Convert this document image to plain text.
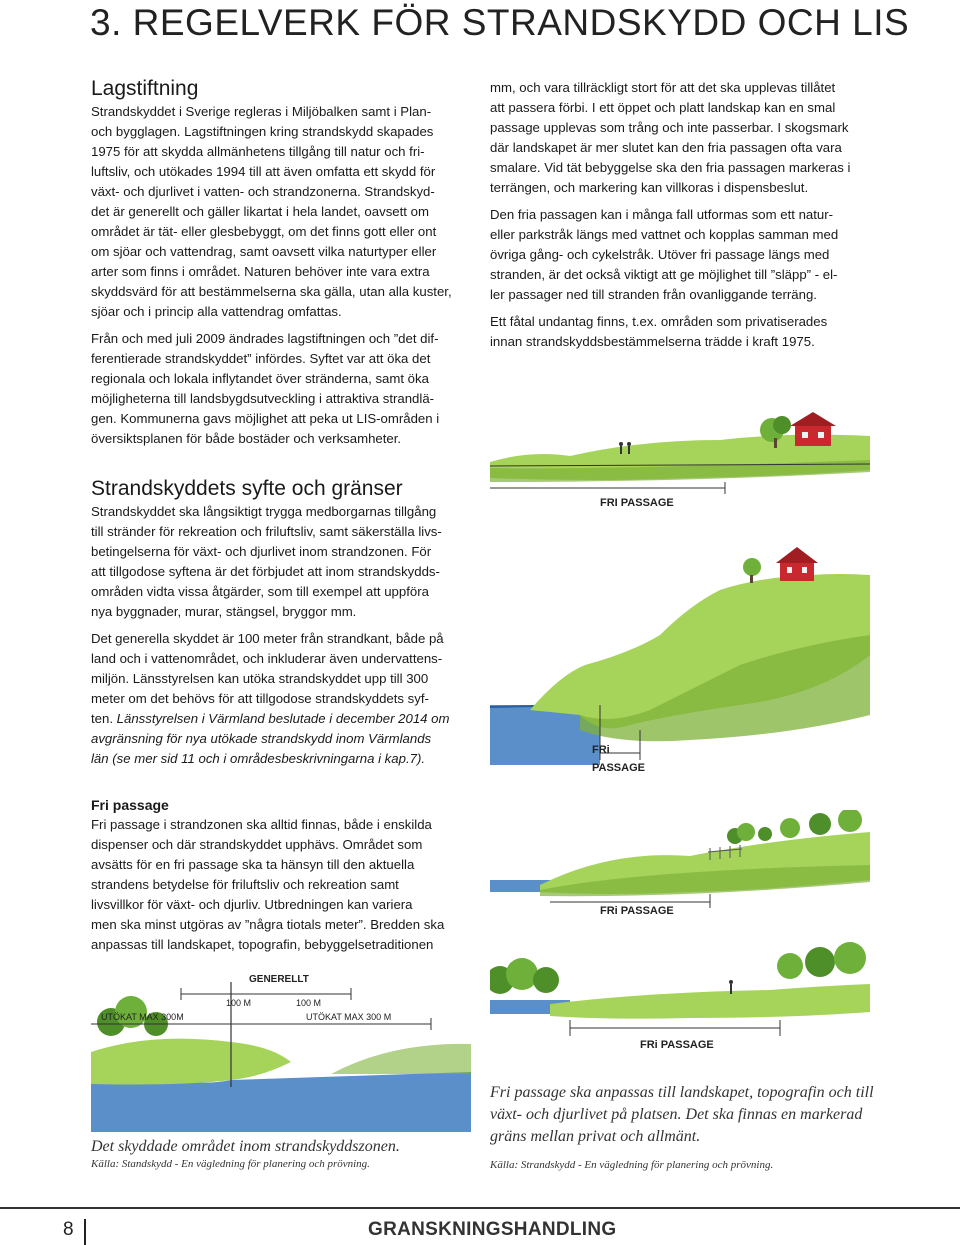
3. REGELVERK FÖR STRANDSKYDD OCH LIS
Lagstiftning

Strandskyddet i Sverige regleras i Miljöbalken samt i Plan-
och bygglagen. Lagstiftningen kring strandskydd skapades
1975 för att skydda allmänhetens tillgång till natur och fri-
luftsliv, och utökades 1994 till att även omfatta ett skydd för
växt- och djurlivet i vatten- och strandzonerna. Strandskyd-
det är generellt och gäller likartat i hela landet, oavsett om
området är tät- eller glesbebyggt, om det finns gott eller ont
om sjöar och vattendrag, samt oavsett vilka naturtyper eller
arter som finns i området. Naturen behöver inte vara extra
skyddsvärd för att bestämmelserna ska gälla, utan alla kuster,
sjöar och i princip alla vattendrag omfattas.

Från och med juli 2009 ändrades lagstiftningen och ”det dif-
ferentierade strandskyddet” infördes. Syftet var att öka det
regionala och lokala inflytandet över stränderna, samt öka
möjligheterna till landsbygdsutveckling i attraktiva strandlä-
gen. Kommunerna gavs möjlighet att peka ut LIS-områden i
översiktsplanen för både bostäder och verksamheter.

Strandskyddets syfte och gränser

Strandskyddet ska långsiktigt trygga medborgarnas tillgång
till stränder för rekreation och friluftsliv, samt säkerställa livs-
betingelserna för växt- och djurlivet inom strandzonen. För
att tillgodose syftena är det förbjudet att inom strandskydds-
områden vidta vissa åtgärder, som till exempel att uppföra
nya byggnader, murar, stängsel, bryggor mm.

Det generella skyddet är 100 meter från strandkant, både på
land och i vattenområdet, och inkluderar även undervattens-
miljön. Länsstyrelsen kan utöka strandskyddet upp till 300
meter om det behövs för att tillgodose strandskyddets syf-
ten. Länsstyrelsen i Värmland beslutade i december 2014 om
avgränsning för nya utökade strandskydd inom Värmlands
län (se mer sid 11 och i områdesbeskrivningarna i kap.7).

Fri passage

Fri passage i strandzonen ska alltid finnas, både i enskilda
dispenser och där strandskyddet upphävs. Området som
avsätts för en fri passage ska ta hänsyn till den aktuella
strandens betydelse för friluftsliv och rekreation samt
livsvillkor för växt- och djurliv. Utbredningen kan variera
men ska minst utgöras av ”några tiotals meter”. Bredden ska
anpassas till landskapet, topografin, bebyggelsetraditionen

mm, och vara tillräckligt stort för att det ska upplevas tillåtet
att passera förbi. I ett öppet och platt landskap kan en smal
passage upplevas som trång och inte passerbar. I skogsmark
där landskapet är mer slutet kan den fria passagen ofta vara
smalare. Vid tät bebyggelse ska den fria passagen markeras i
terrängen, och markering kan villkoras i dispensbeslut.

Den fria passagen kan i många fall utformas som ett natur-
eller parkstråk längs med vattnet och kopplas samman med
övriga gång- och cykelstråk. Utöver fri passage längs med
stranden, är det också viktigt att ge möjlighet till ”släpp” - el-
ler passager ned till stranden från ovanliggande terräng.

Ett fåtal undantag finns, t.ex. områden som privatiserades
innan strandskyddsbestämmelserna trädde i kraft 1975.

FRI PASSAGE
FRi
PASSAGE
FRi PASSAGE
FRi PASSAGE
GENERELLT
100 M	100 M
UTÖKAT MAX 300M	UTÖKAT MAX 300 M
Det skyddade området inom strandskyddszonen.
Källa: Standskydd - En vägledning för planering och prövning.
Fri passage ska anpassas till landskapet, topografin och till
växt- och djurlivet på platsen. Det ska finnas en markerad
gräns mellan privat och allmänt.
Källa: Strandskydd - En vägledning för planering och prövning.
8	GRANSKNINGSHANDLING
